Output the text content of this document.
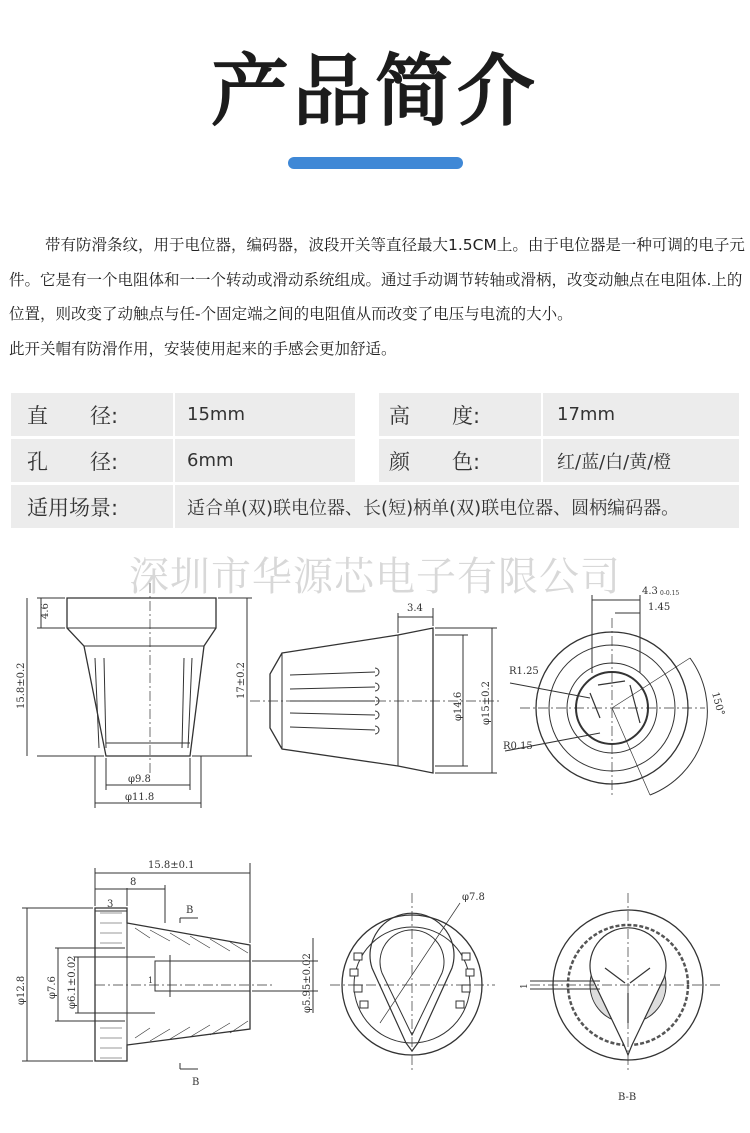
产品简介

带有防滑条纹，用于电位器，编码器，波段开关等直径最大1.5CM上。由于电位器是一种可调的电子元件。它是有一个电阻体和一一个转动或滑动系统组成。通过手动调节转轴或滑柄，改变动触点在电阻体.上的位置，则改变了动触点与任-个固定端之间的电阻值从而改变了电压与电流的大小。

此开关帽有防滑作用，安装使用起来的手感会更加舒适。

直　　径:	15mm	高　　度:	17mm
孔　　径:	6mm	颜　　色:	红/蓝/白/黄/橙
适用场景:	适合单(双)联电位器、长(短)柄单(双)联电位器、圆柄编码器。
深圳市华源芯电子有限公司
4.6
15.8±0.2	17±0.2
φ9.8
φ11.8
3.4
φ14.6 φ15±0.2
4.3 0-0.15
1.45
R1.25
R0.15
150°
15.8±0.1
8
3
B
B
φ12.8 φ7.6 φ6.1±0.02	φ5.95±0.02
1
φ7.8
1
B-B
